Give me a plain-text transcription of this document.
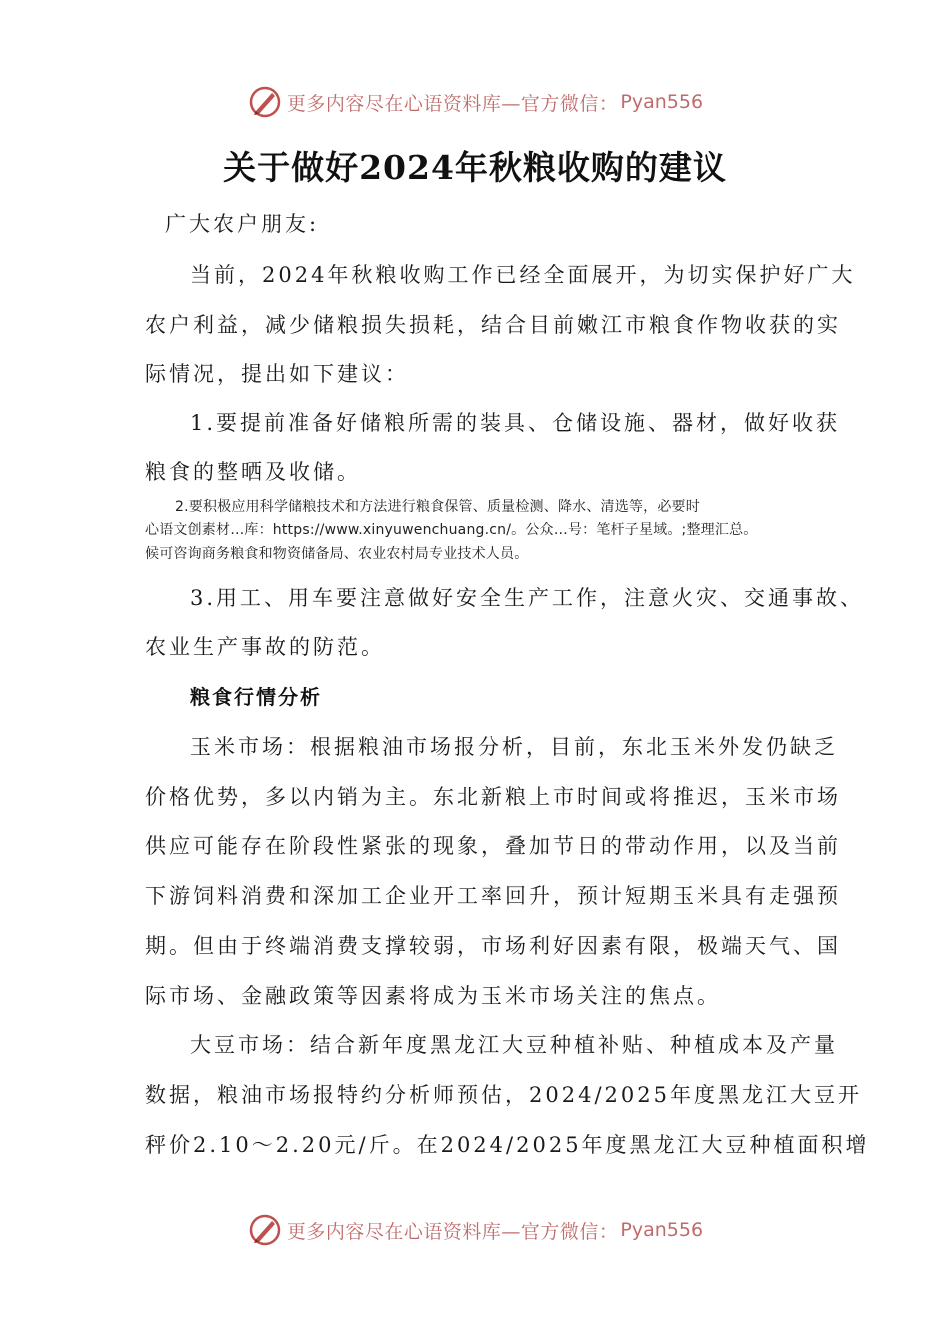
更多内容尽在心语资料库—官方微信： Pyan556
关于做好2024年秋粮收购的建议
广大农户朋友:
当前，2024年秋粮收购工作已经全面展开，为切实保护好广大
农户利益，减少储粮损失损耗，结合目前嫩江市粮食作物收获的实
际情况，提出如下建议：
1.要提前准备好储粮所需的装具、仓储设施、器材，做好收获
粮食的整晒及收储。
2.要积极应用科学储粮技术和方法进行粮食保管、质量检测、降水、清选等，必要时
心语文创素材…库：https://www.xinyuwenchuang.cn/。公众…号：笔杆子星域。;整理汇总。
候可咨询商务粮食和物资储备局、农业农村局专业技术人员。
3.用工、用车要注意做好安全生产工作，注意火灾、交通事故、
农业生产事故的防范。
粮食行情分析
玉米市场：根据粮油市场报分析，目前，东北玉米外发仍缺乏
价格优势，多以内销为主。东北新粮上市时间或将推迟，玉米市场
供应可能存在阶段性紧张的现象，叠加节日的带动作用，以及当前
下游饲料消费和深加工企业开工率回升，预计短期玉米具有走强预
期。但由于终端消费支撑较弱，市场利好因素有限，极端天气、国
际市场、金融政策等因素将成为玉米市场关注的焦点。
大豆市场：结合新年度黑龙江大豆种植补贴、种植成本及产量
数据，粮油市场报特约分析师预估，2024/2025年度黑龙江大豆开
秤价2.10～2.20元/斤。在2024/2025年度黑龙江大豆种植面积增
更多内容尽在心语资料库—官方微信： Pyan556
